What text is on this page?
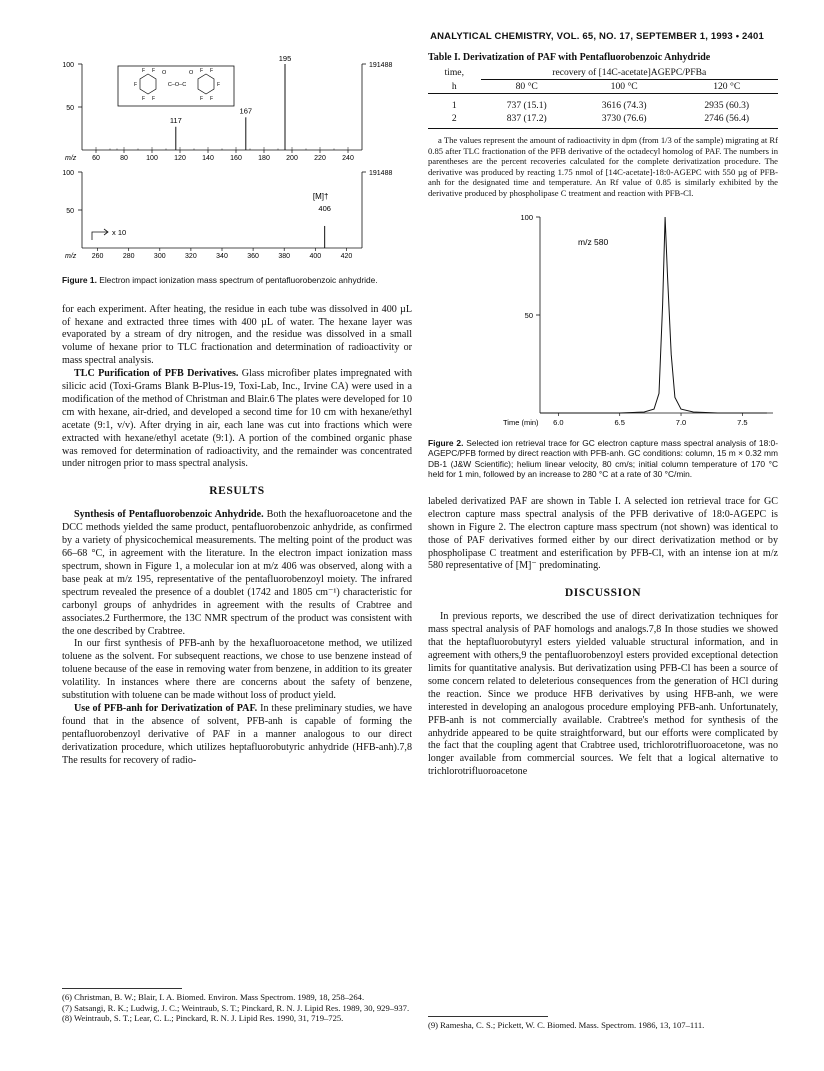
ANALYTICAL CHEMISTRY, VOL. 65, NO. 17, SEPTEMBER 1, 1993 • 2401
100
50
191488
m/z 60	80	100 120 140 160 180 200 220 240
195
167
117
F F
F
F F
F F
F
F F
O	O
C–O–C
100
50
191488
m/z
[M]†
406
x 10
260	280	300	320	340	360	380	400	420

Figure 1. Electron impact ionization mass spectrum of pentafluorobenzoic anhydride.

for each experiment. After heating, the residue in each tube was dissolved in 400 µL of hexane and extracted three times with 400 µL of water. The hexane layer was evaporated by a stream of dry nitrogen, and the residue was dissolved in a small volume of hexane prior to TLC fractionation and determination of radioactivity or mass spectral analysis.

TLC Purification of PFB Derivatives. Glass microfiber plates impregnated with silicic acid (Toxi-Grams Blank B-Plus-19, Toxi-Lab, Inc., Irvine CA) were used in a modification of the method of Christman and Blair.6 The plates were developed for 10 cm with hexane, air-dried, and developed a second time for 10 cm with hexane/ethyl acetate (9:1, v/v). After drying in air, each lane was cut into fractions which were extracted with hexane/ethyl acetate (9:1). A portion of the combined organic phase was removed for determination of radioactivity, and the remainder was concentrated under nitrogen prior to mass spectral analysis.

RESULTS

Synthesis of Pentafluorobenzoic Anhydride. Both the hexafluoroacetone and the DCC methods yielded the same product, pentafluorobenzoic anhydride, as confirmed by a variety of physicochemical measurements. The melting point of the product was 66–68 °C, in agreement with the literature. In the electron impact ionization mass spectrum, shown in Figure 1, a molecular ion at m/z 406 was observed, along with a base peak at m/z 195, representative of the pentafluorobenzoyl moiety. The infrared spectrum revealed the presence of a doublet (1742 and 1805 cm⁻¹) characteristic for carbonyl groups of anhydrides in agreement with the results of Crabtree and associates.2 Furthermore, the 13C NMR spectrum of the product was consistent with the one described by Crabtree.

In our first synthesis of PFB-anh by the hexafluoroacetone method, we utilized toluene as the solvent. For subsequent reactions, we chose to use benzene instead of toluene because of the ease in removing water from benzene, in addition to its greater volatility. In instances where there are concerns about the safety of benzene, substitution with toluene can be made without loss of product yield.

Use of PFB-anh for Derivatization of PAF. In these preliminary studies, we have found that in the absence of solvent, PFB-anh is capable of forming the pentafluorobenzoyl derivative of PAF in a manner analogous to our direct derivatization procedure, which utilizes heptafluorobutyric anhydride (HFB-anh).7,8 The results for recovery of radio-

(6) Christman, B. W.; Blair, I. A. Biomed. Environ. Mass Spectrom. 1989, 18, 258–264.

(7) Satsangi, R. K.; Ludwig, J. C.; Weintraub, S. T.; Pinckard, R. N. J. Lipid Res. 1989, 30, 929–937.

(8) Weintraub, S. T.; Lear, C. L.; Pinckard, R. N. J. Lipid Res. 1990, 31, 719–725.

Table I. Derivatization of PAF with Pentafluorobenzoic Anhydride

time,	recovery of [14C-acetate]AGEPC/PFBa		
h	80 °C	100 °C	120 °C
1	737 (15.1)	3616 (74.3)	2935 (60.3)
2	837 (17.2)	3730 (76.6)	2746 (56.4)

a The values represent the amount of radioactivity in dpm (from 1/3 of the sample) migrating at Rf 0.85 after TLC fractionation of the PFB derivative of the octadecyl homolog of PAF. The numbers in parentheses are the percent recoveries calculated for the complete derivatization procedure. The derivative was produced by reacting 1.75 nmol of [14C-acetate]-18:0-AGEPC with 550 µg of PFB-anh for the designated time and temperature. An Rf value of 0.85 is similarly exhibited by the derivative produced by phospholipase C treatment and reaction with PFB-Cl.

100
50
m/z 580
Time (min) 6.0	6.5	7.0	7.5

Figure 2. Selected ion retrieval trace for GC electron capture mass spectral analysis of 18:0-AGEPC/PFB formed by direct reaction with PFB-anh. GC conditions: column, 15 m × 0.32 mm DB-1 (J&W Scientific); helium linear velocity, 80 cm/s; initial column temperature of 170 °C held for 1 min, followed by an increase to 280 °C at a rate of 30 °C/min.

labeled derivatized PAF are shown in Table I. A selected ion retrieval trace for GC electron capture mass spectral analysis of the PFB derivative of 18:0-AGEPC is shown in Figure 2. The electron capture mass spectrum (not shown) was identical to those of PAF derivatives formed either by our direct derivatization method or by phospholipase C treatment and esterification by PFB-Cl, with an intense ion at m/z 580 representative of [M]⁻ predominating.

DISCUSSION

In previous reports, we described the use of direct derivatization techniques for mass spectral analysis of PAF homologs and analogs.7,8 In those studies we showed that the heptafluorobutyryl esters yielded valuable structural information, and in agreement with others,9 the pentafluorobenzoyl esters provided exceptional detection limits for quantitative analysis. But derivatization using PFB-Cl has been a source of some concern related to deleterious consequences from the generation of HCl during the reaction. Since we produce HFB derivatives by using HFB-anh, we were interested in developing an analogous procedure employing PFB-anh. Unfortunately, PFB-anh is not commercially available. Crabtree's method for synthesis of the anhydride appeared to be quite straightforward, but our efforts were complicated by the fact that the coupling agent that Crabtree used, trichlorotrifluoroacetone, was no longer available from commercial sources. We felt that a logical alternative to trichlorotrifluoroacetone

(9) Ramesha, C. S.; Pickett, W. C. Biomed. Mass. Spectrom. 1986, 13, 107–111.
